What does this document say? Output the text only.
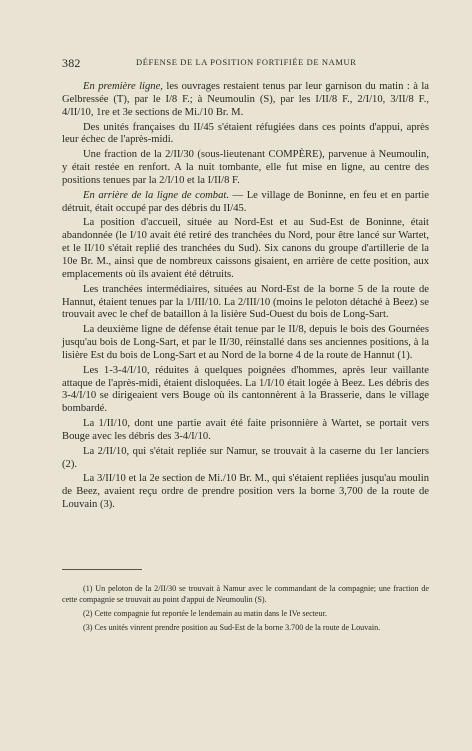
382	DÉFENSE DE LA POSITION FORTIFIÉE DE NAMUR

En première ligne, les ouvrages restaient tenus par leur garnison du matin : à la Gelbressée (T), par le I/8 F.; à Neumoulin (S), par les I/II/8 F., 2/I/10, 3/II/8 F., 4/II/10, 1re et 3e sections de Mi./10 Br. M.

Des unités françaises du II/45 s'étaient réfugiées dans ces points d'appui, après leur échec de l'après-midi.

Une fraction de la 2/II/30 (sous-lieutenant COMPÈRE), parvenue à Neumoulin, y était restée en renfort. A la nuit tombante, elle fut mise en ligne, au centre des positions tenues par la 2/I/10 et la I/II/8 F.

En arrière de la ligne de combat. — Le village de Boninne, en feu et en partie détruit, était occupé par des débris du II/45.

La position d'accueil, située au Nord-Est et au Sud-Est de Boninne, était abandonnée (le I/10 avait été retiré des tranchées du Nord, pour être lancé sur Wartet, et le II/10 s'était replié des tranchées du Sud). Six canons du groupe d'artillerie de la 10e Br. M., ainsi que de nombreux caissons gisaient, en arrière de cette position, aux emplacements où ils avaient été détruits.

Les tranchées intermédiaires, situées au Nord-Est de la borne 5 de la route de Hannut, étaient tenues par la 1/III/10. La 2/III/10 (moins le peloton détaché à Beez) se trouvait avec le chef de bataillon à la lisière Sud-Ouest du bois de Long-Sart.

La deuxième ligne de défense était tenue par le II/8, depuis le bois des Gournées jusqu'au bois de Long-Sart, et par le II/30, réinstallé dans ses anciennes positions, à la lisière Est du bois de Long-Sart et au Nord de la borne 4 de la route de Hannut (1).

Les 1-3-4/I/10, réduites à quelques poignées d'hommes, après leur vaillante attaque de l'après-midi, étaient disloquées. La 1/I/10 était logée à Beez. Les débris des 3-4/I/10 se dirigeaient vers Bouge où ils cantonnèrent à la Brasserie, dans le village bombardé.

La 1/II/10, dont une partie avait été faite prisonnière à Wartet, se portait vers Bouge avec les débris des 3-4/I/10.

La 2/II/10, qui s'était repliée sur Namur, se trouvait à la caserne du 1er lanciers (2).

La 3/II/10 et la 2e section de Mi./10 Br. M., qui s'étaient repliées jusqu'au moulin de Beez, avaient reçu ordre de prendre position vers la borne 3,700 de la route de Louvain (3).

(1) Un peloton de la 2/II/30 se trouvait à Namur avec le commandant de la compagnie; une fraction de cette compagnie se trouvait au point d'appui de Neumoulin (S).

(2) Cette compagnie fut reportée le lendemain au matin dans le IVe secteur.

(3) Ces unités vinrent prendre position au Sud-Est de la borne 3.700 de la route de Louvain.
